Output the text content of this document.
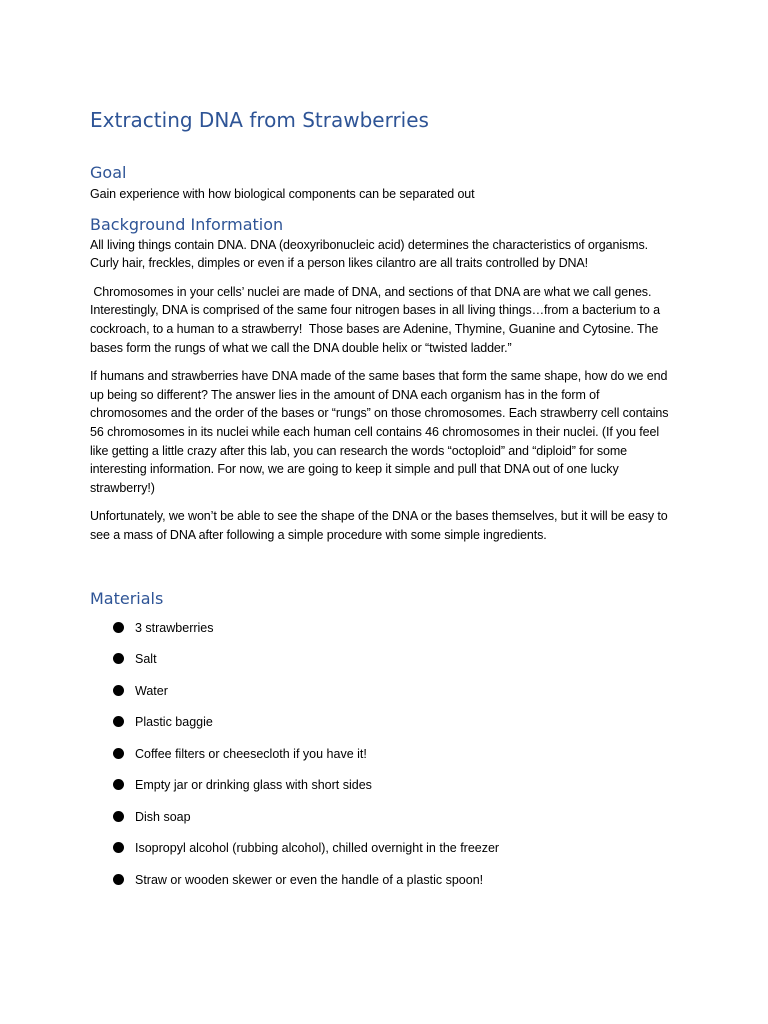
Extracting DNA from Strawberries
Goal

Gain experience with how biological components can be separated out

Background Information

All living things contain DNA. DNA (deoxyribonucleic acid) determines the characteristics of organisms. Curly hair, freckles, dimples or even if a person likes cilantro are all traits controlled by DNA!

Chromosomes in your cells’ nuclei are made of DNA, and sections of that DNA are what we call genes. Interestingly, DNA is comprised of the same four nitrogen bases in all living things…from a bacterium to a cockroach, to a human to a strawberry!  Those bases are Adenine, Thymine, Guanine and Cytosine. The bases form the rungs of what we call the DNA double helix or “twisted ladder.”

If humans and strawberries have DNA made of the same bases that form the same shape, how do we end up being so different? The answer lies in the amount of DNA each organism has in the form of chromosomes and the order of the bases or “rungs” on those chromosomes. Each strawberry cell contains 56 chromosomes in its nuclei while each human cell contains 46 chromosomes in their nuclei. (If you feel like getting a little crazy after this lab, you can research the words “octoploid” and “diploid” for some interesting information. For now, we are going to keep it simple and pull that DNA out of one lucky strawberry!)

Unfortunately, we won’t be able to see the shape of the DNA or the bases themselves, but it will be easy to see a mass of DNA after following a simple procedure with some simple ingredients.

Materials
3 strawberries
Salt
Water
Plastic baggie
Coffee filters or cheesecloth if you have it!
Empty jar or drinking glass with short sides
Dish soap
Isopropyl alcohol (rubbing alcohol), chilled overnight in the freezer
Straw or wooden skewer or even the handle of a plastic spoon!
